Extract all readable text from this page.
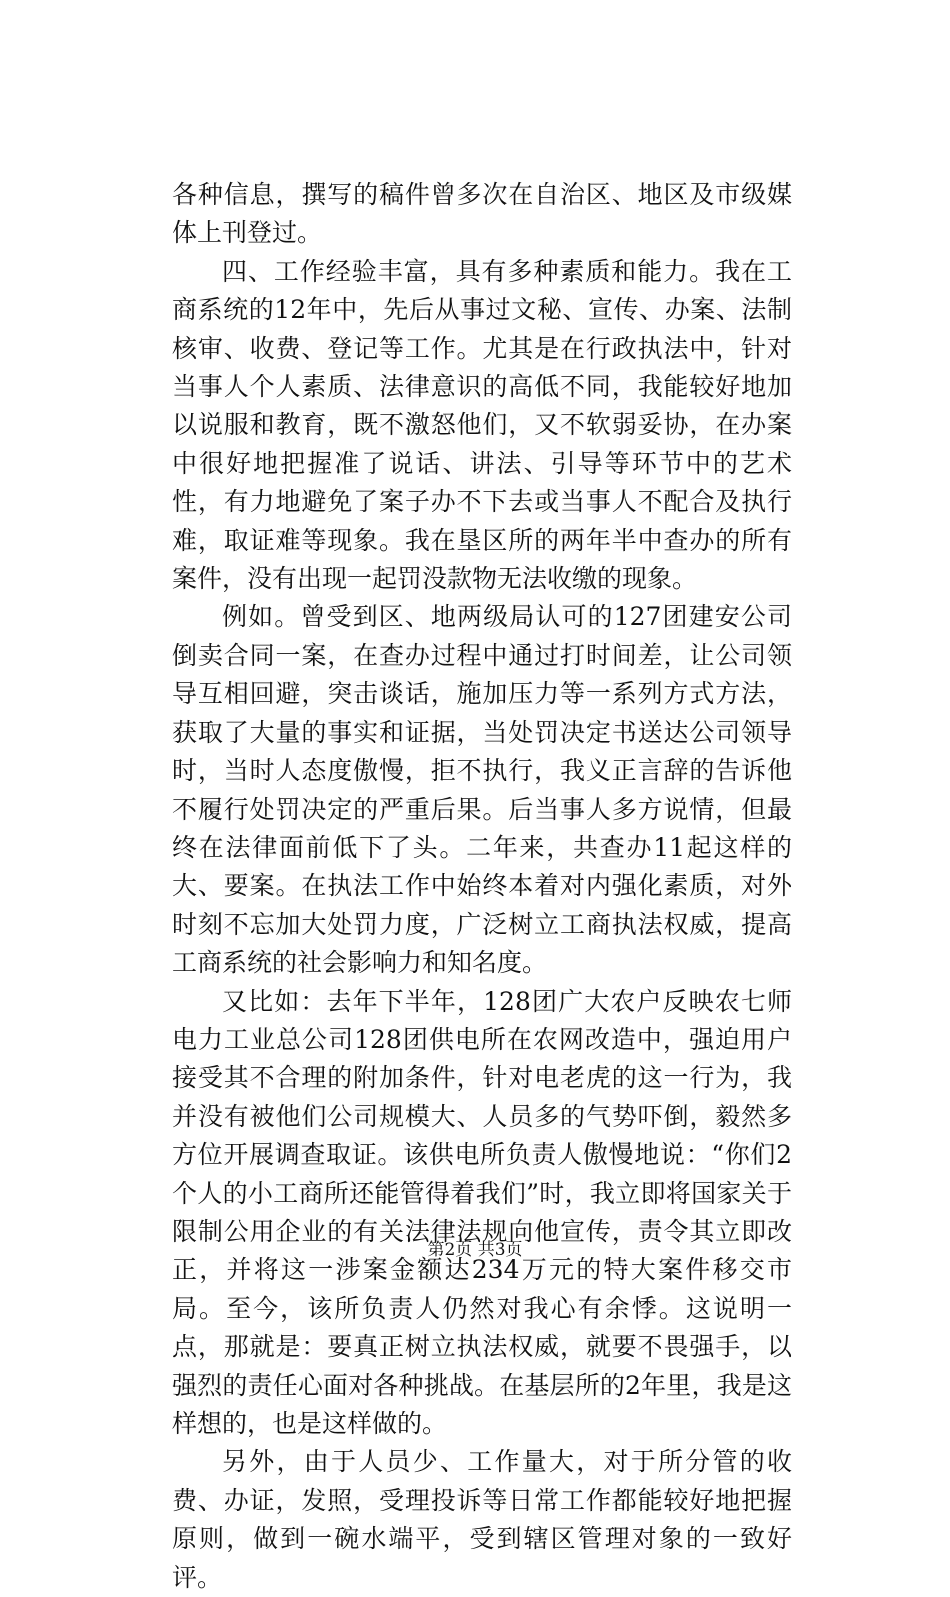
各种信息，撰写的稿件曾多次在自治区、地区及市级媒体上刊登过。

四、工作经验丰富，具有多种素质和能力。我在工商系统的12年中，先后从事过文秘、宣传、办案、法制核审、收费、登记等工作。尤其是在行政执法中，针对当事人个人素质、法律意识的高低不同，我能较好地加以说服和教育，既不激怒他们，又不软弱妥协，在办案中很好地把握准了说话、讲法、引导等环节中的艺术性，有力地避免了案子办不下去或当事人不配合及执行难，取证难等现象。我在垦区所的两年半中查办的所有案件，没有出现一起罚没款物无法收缴的现象。

例如。曾受到区、地两级局认可的127团建安公司倒卖合同一案，在查办过程中通过打时间差，让公司领导互相回避，突击谈话，施加压力等一系列方式方法，获取了大量的事实和证据，当处罚决定书送达公司领导时，当时人态度傲慢，拒不执行，我义正言辞的告诉他不履行处罚决定的严重后果。后当事人多方说情，但最终在法律面前低下了头。二年来，共查办11起这样的大、要案。在执法工作中始终本着对内强化素质，对外时刻不忘加大处罚力度，广泛树立工商执法权威，提高工商系统的社会影响力和知名度。

又比如：去年下半年，128团广大农户反映农七师电力工业总公司128团供电所在农网改造中，强迫用户接受其不合理的附加条件，针对电老虎的这一行为，我并没有被他们公司规模大、人员多的气势吓倒，毅然多方位开展调查取证。该供电所负责人傲慢地说：“你们2个人的小工商所还能管得着我们”时，我立即将国家关于限制公用企业的有关法律法规向他宣传，责令其立即改正，并将这一涉案金额达234万元的特大案件移交市局。至今，该所负责人仍然对我心有余悸。这说明一点，那就是：要真正树立执法权威，就要不畏强手，以强烈的责任心面对各种挑战。在基层所的2年里，我是这样想的，也是这样做的。

另外，由于人员少、工作量大，对于所分管的收费、办证，发照，受理投诉等日常工作都能较好地把握原则，做到一碗水端平，受到辖区管理对象的一致好评。

第2页 共3页
